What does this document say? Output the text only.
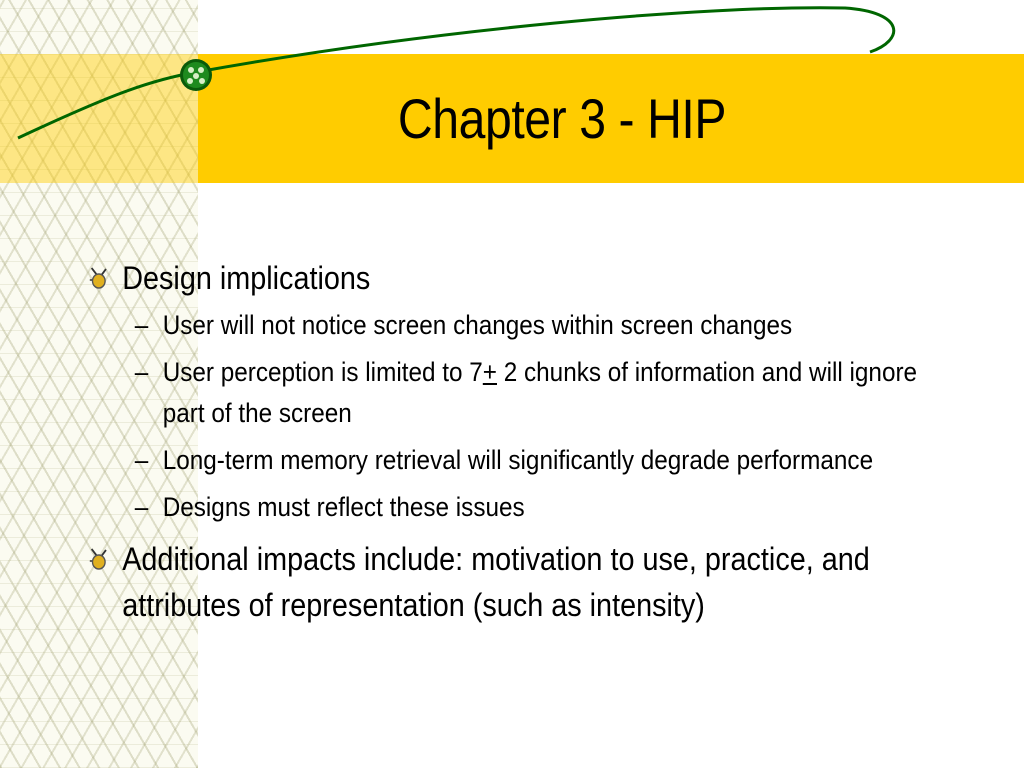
Chapter 3 - HIP
Design implications
– User will not notice screen changes within screen changes
– User perception is limited to 7+ 2 chunks of information and will ignore part of the screen
– Long-term memory retrieval will significantly degrade performance
– Designs must reflect these issues
Additional impacts include: motivation to use, practice, and attributes of representation (such as intensity)
